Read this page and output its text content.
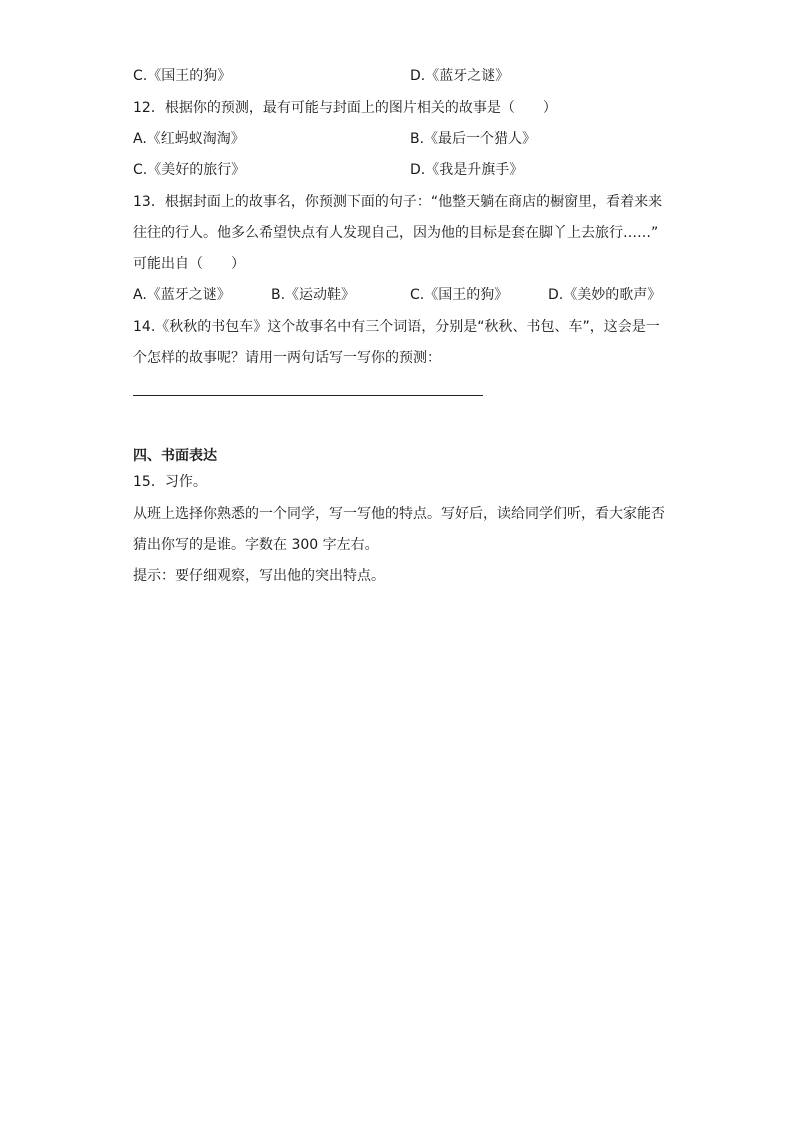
C.《国王的狗》	D.《蓝牙之谜》
12．根据你的预测，最有可能与封面上的图片相关的故事是（　　）
A.《红蚂蚁淘淘》	B.《最后一个猎人》
C.《美好的旅行》	D.《我是升旗手》
13．根据封面上的故事名，你预测下面的句子：“他整天躺在商店的橱窗里，看着来来
往往的行人。他多么希望快点有人发现自己，因为他的目标是套在脚丫上去旅行……”
可能出自（　　）
A.《蓝牙之谜》	B.《运动鞋》	C.《国王的狗》	D.《美妙的歌声》
14.《秋秋的书包车》这个故事名中有三个词语，分别是“秋秋、书包、车”，这会是一
个怎样的故事呢？请用一两句话写一写你的预测：
四、书面表达
15．习作。
从班上选择你熟悉的一个同学，写一写他的特点。写好后，读给同学们听，看大家能否
猜出你写的是谁。字数在 300 字左右。
提示：要仔细观察，写出他的突出特点。
